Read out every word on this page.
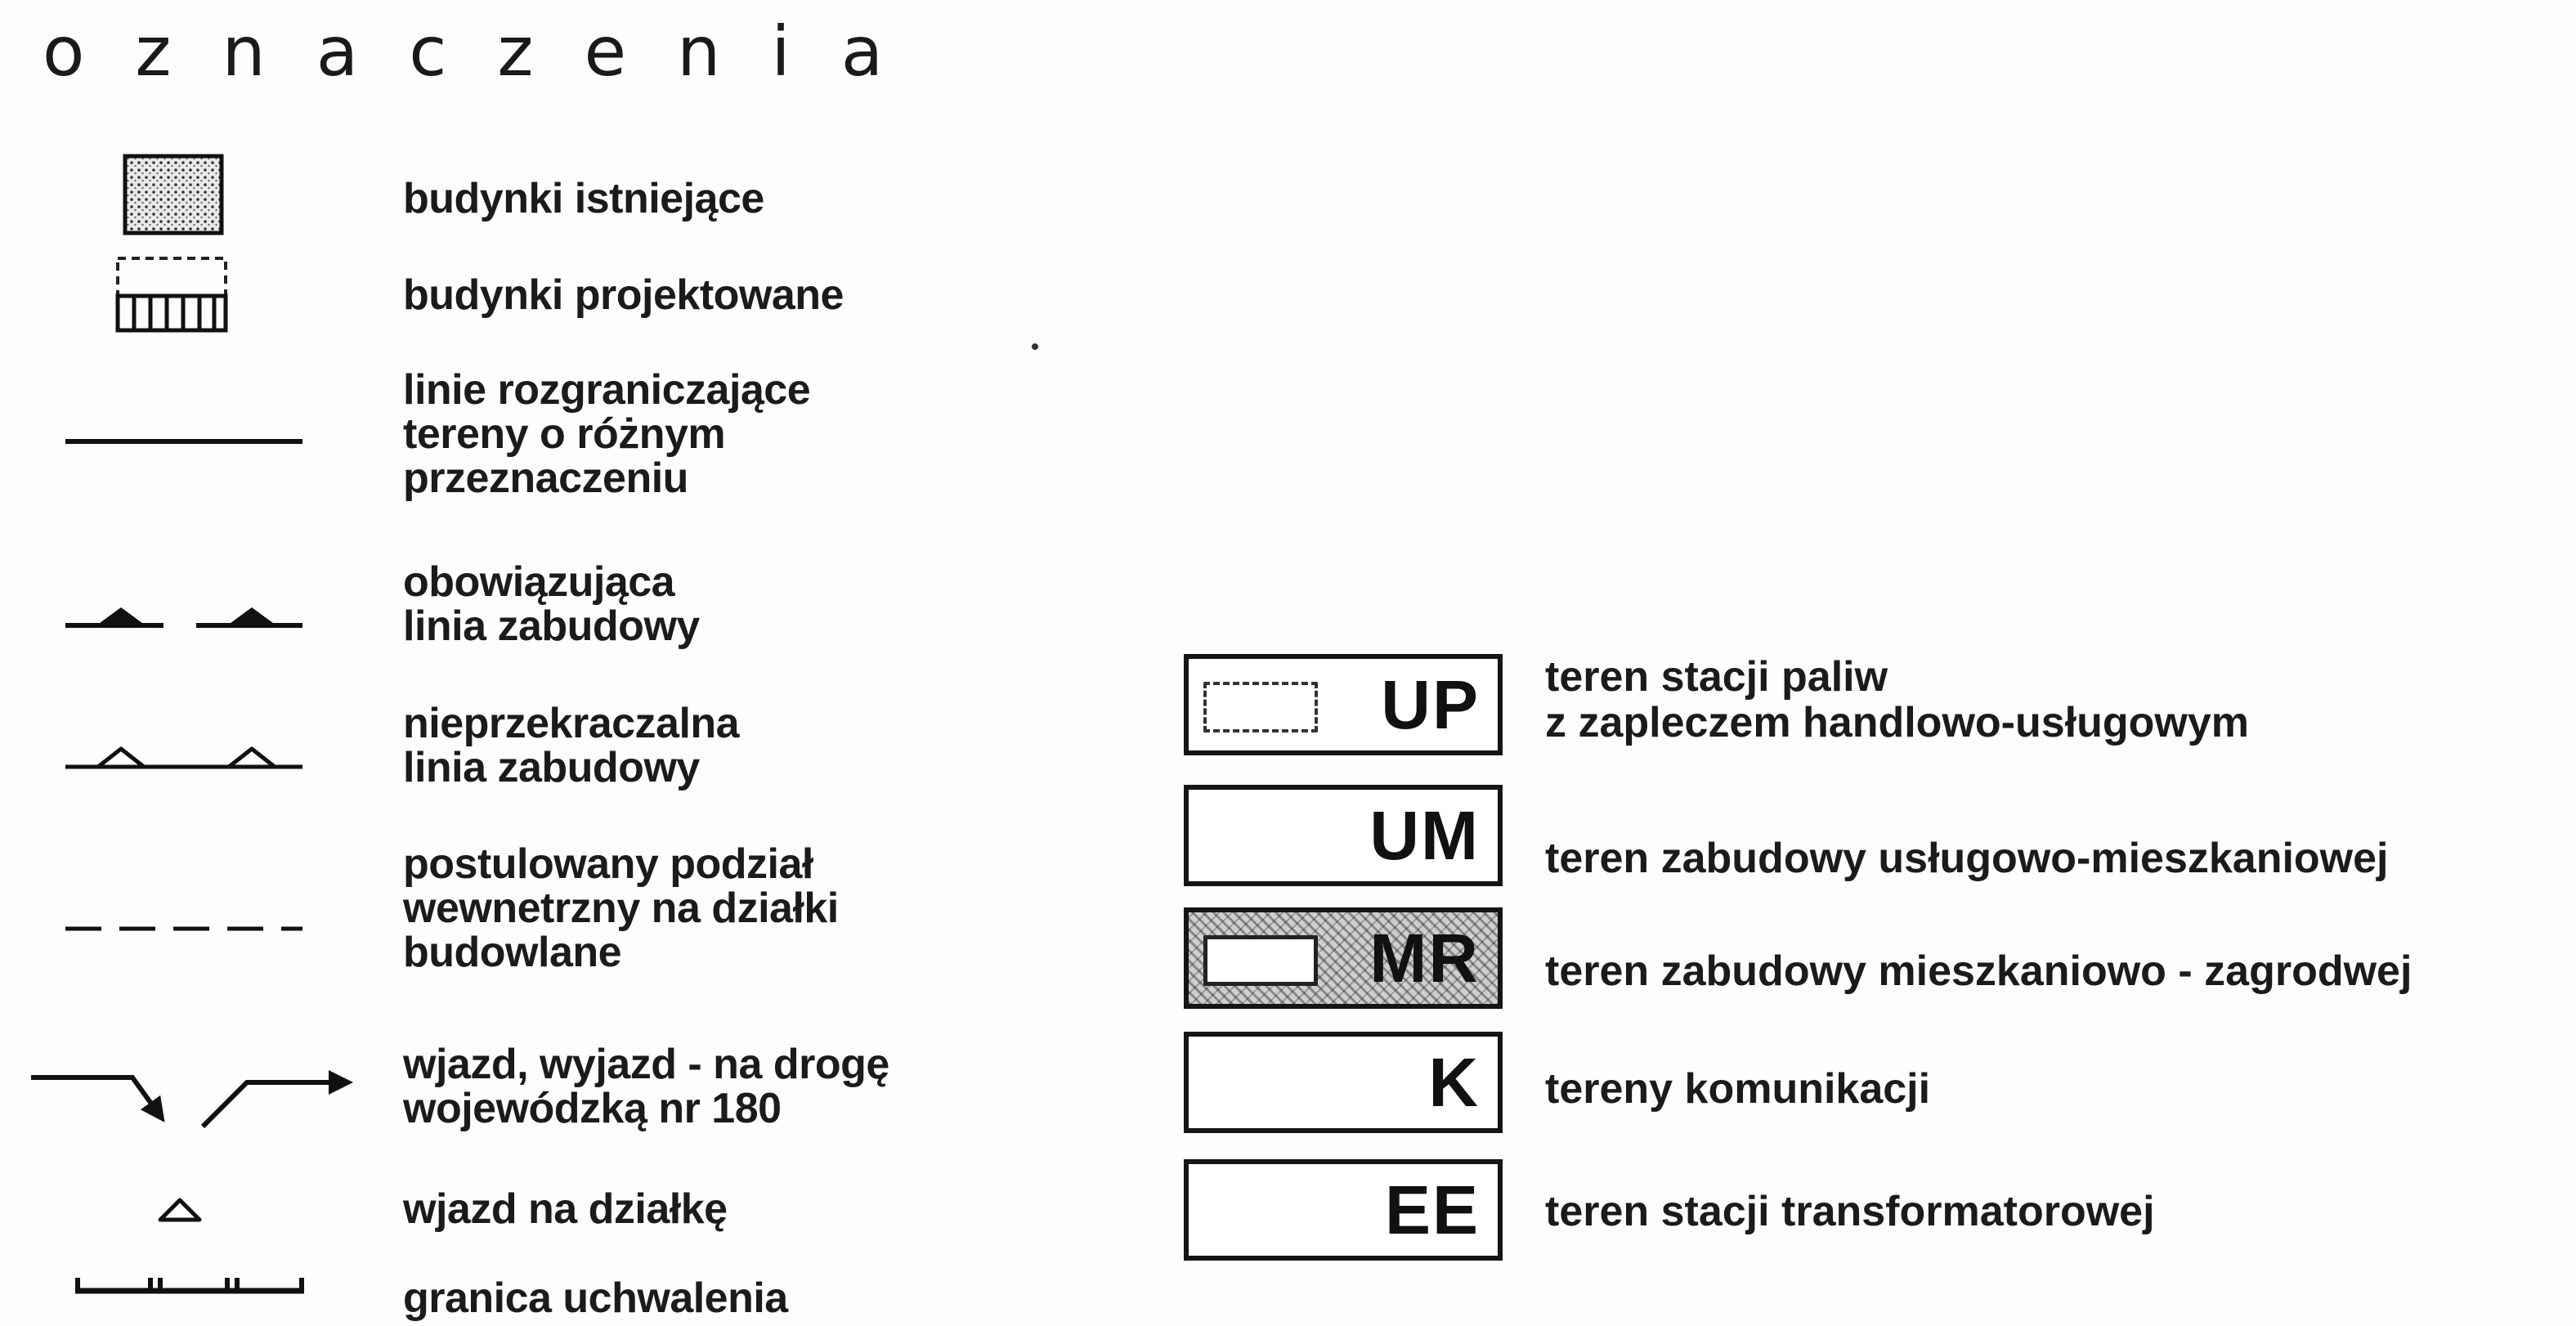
oznaczenia
budynki istniejące
budynki projektowane
linie rozgraniczające
tereny o różnym
przeznaczeniu
obowiązująca
linia zabudowy
nieprzekraczalna
linia zabudowy
postulowany podział
wewnetrzny na działki
budowlane
wjazd, wyjazd - na drogę
wojewódzką nr 180
wjazd na działkę
granica uchwalenia
UP teren stacji paliw
z zapleczem handlowo-usługowym
UM teren zabudowy usługowo-mieszkaniowej
MR teren zabudowy mieszkaniowo - zagrodwej
K tereny komunikacji
EE teren stacji transformatorowej
